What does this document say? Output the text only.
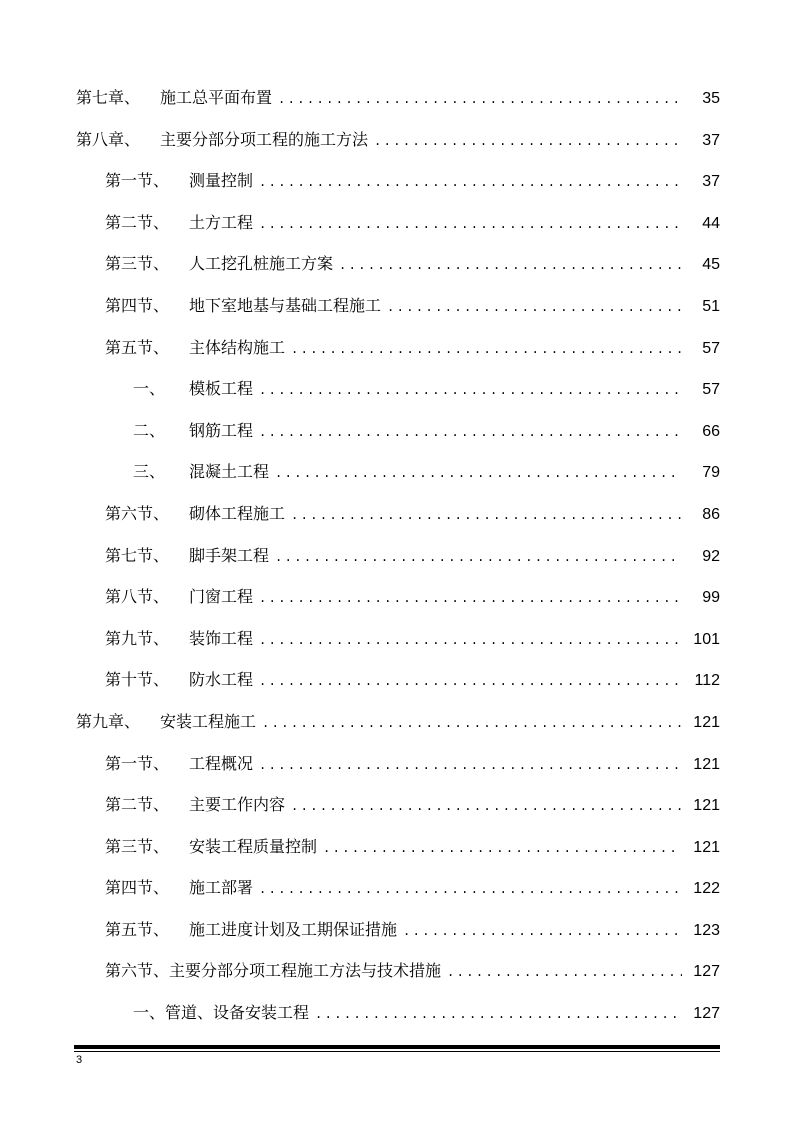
第七章、	施工总平面布置 .....	35
第八章、	主要分部分项工程的施工方法 .....	37
第一节、	测量控制 .....	37
第二节、	土方工程 .....	44
第三节、	人工挖孔桩施工方案 .....	45
第四节、	地下室地基与基础工程施工 .....	51
第五节、	主体结构施工 .....	57
一、	模板工程 .....	57
二、	钢筋工程 .....	66
三、	混凝土工程 .....	79
第六节、	砌体工程施工 .....	86
第七节、	脚手架工程 .....	92
第八节、	门窗工程 .....	99
第九节、	装饰工程 .....	101
第十节、	防水工程 .....	112
第九章、	安装工程施工 .....	121
第一节、	工程概况 .....	121
第二节、	主要工作内容 .....	121
第三节、	安装工程质量控制 .....	121
第四节、	施工部署 .....	122
第五节、	施工进度计划及工期保证措施 .....	123
第六节、 主要分部分项工程施工方法与技术措施 .....	127
一、 管道、设备安装工程 .....	127
3
